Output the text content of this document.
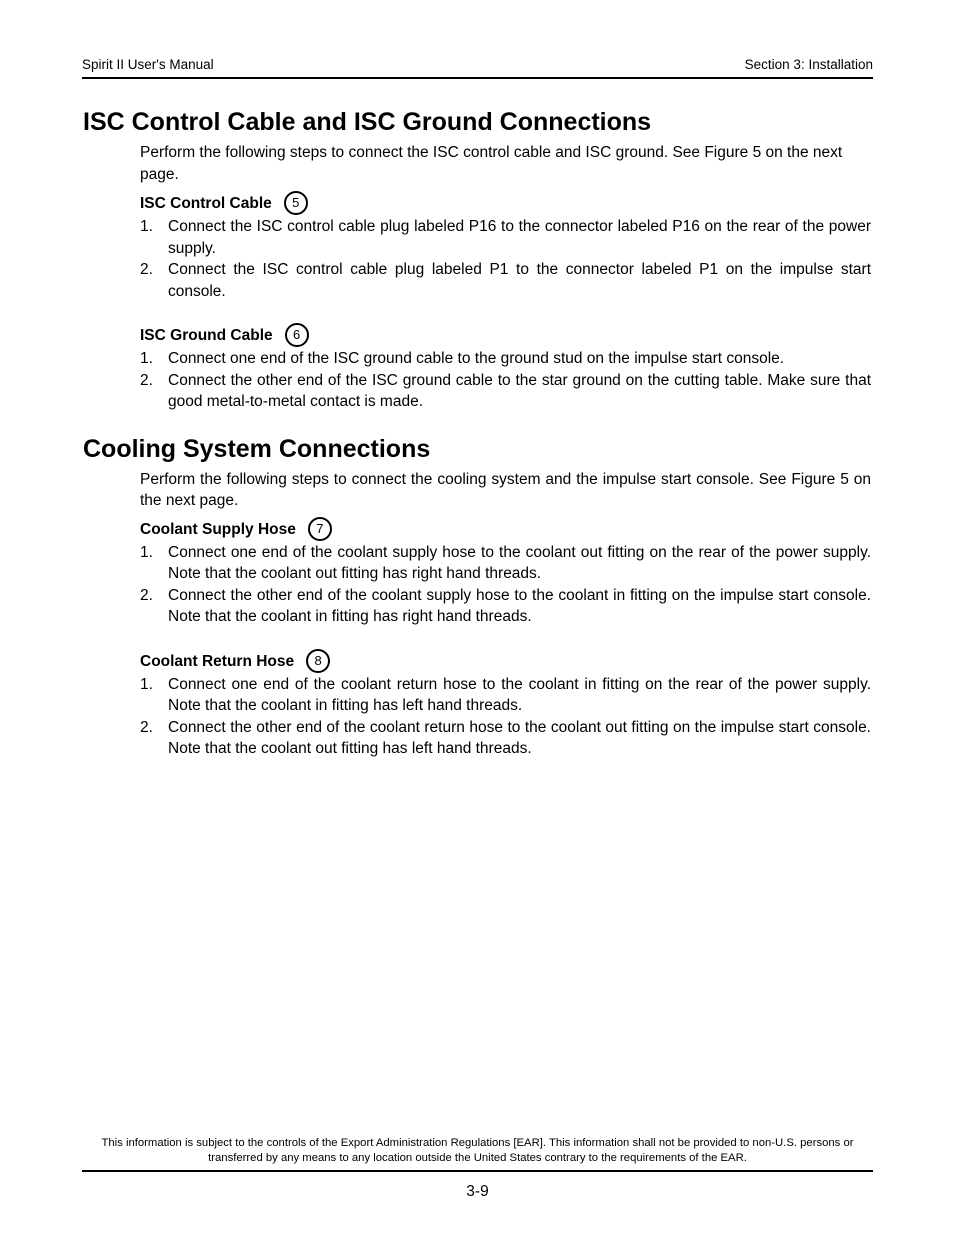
Spirit II User's Manual	Section 3: Installation
ISC Control Cable and ISC Ground Connections

Perform the following steps to connect the ISC control cable and ISC ground. See Figure 5 on the next page.

ISC Control Cable	5
1. Connect the ISC control cable plug labeled P16 to the connector labeled P16 on the rear of the power supply.
2. Connect the ISC control cable plug labeled P1 to the connector labeled P1 on the impulse start console.
ISC Ground Cable	6
1. Connect one end of the ISC ground cable to the ground stud on the impulse start console.
2. Connect the other end of the ISC ground cable to the star ground on the cutting table. Make sure that good metal-to-metal contact is made.
Cooling System Connections

Perform the following steps to connect the cooling system and the impulse start console. See Figure 5 on the next page.

Coolant Supply Hose	7
1. Connect one end of the coolant supply hose to the coolant out fitting on the rear of the power supply. Note that the coolant out fitting has right hand threads.
2. Connect the other end of the coolant supply hose to the coolant in fitting on the impulse start console. Note that the coolant in fitting has right hand threads.
Coolant Return Hose	8
1. Connect one end of the coolant return hose to the coolant in fitting on the rear of the power supply. Note that the coolant in fitting has left hand threads.
2. Connect the other end of the coolant return hose to the coolant out fitting on the impulse start console. Note that the coolant out fitting has left hand threads.
This information is subject to the controls of the Export Administration Regulations [EAR]. This information shall not be provided to non-U.S. persons or transferred by any means to any location outside the United States contrary to the requirements of the EAR.
3-9
